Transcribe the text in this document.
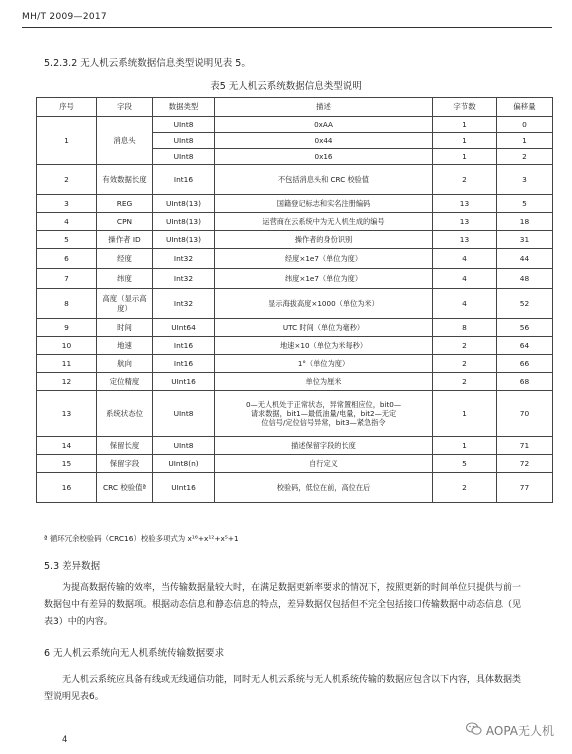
MH/T 2009—2017
5.2.3.2 无人机云系统数据信息类型说明见表 5。
表5 无人机云系统数据信息类型说明
序号	字段	数据类型	描述	字节数	偏移量
1	消息头	UInt8	0xAA	1	0
		UInt8	0x44	1	1
		UInt8	0x16	1	2
2	有效数据长度	Int16	不包括消息头和 CRC 校验值	2	3
3	REG	UInt8(13)	国籍登记标志和实名注册编码	13	5
4	CPN	UInt8(13)	运营商在云系统中为无人机生成的编号	13	18
5	操作者 ID	UInt8(13)	操作者的身份识别	13	31
6	经度	Int32	经度×1e7（单位为度）	4	44
7	纬度	Int32	纬度×1e7（单位为度）	4	48
8	高度（显示高度）	Int32	显示海拔高度×1000（单位为米）	4	52
9	时间	UInt64	UTC 时间（单位为毫秒）	8	56
10	地速	Int16	地速×10（单位为米每秒）	2	64
11	航向	Int16	1°（单位为度）	2	66
12	定位精度	UInt16	单位为厘米	2	68
13	系统状态位	UInt8	0—无人机处于正常状态，异常置相应位，bit0—
请求数据，bit1—最低油量/电量，bit2—无定
位信号/定位信号异常，bit3—紧急指令	1	70
14	保留长度	UInt8	描述保留字段的长度	1	71
15	保留字段	UInt8(n)	自行定义	5	72
16	CRC 校验值ª	UInt16	校验码，低位在前，高位在后	2	77
ª 循环冗余校验码（CRC16）校验多项式为 x¹⁶+x¹²+x⁵+1
5.3 差异数据
为提高数据传输的效率，当传输数据量较大时，在满足数据更新率要求的情况下，按照更新的时间单位只提供与前一数据包中有差异的数据项。根据动态信息和静态信息的特点，差异数据仅包括但不完全包括接口传输数据中动态信息（见表3）中的内容。
6 无人机云系统向无人机系统传输数据要求
无人机云系统应具备有线或无线通信功能，同时无人机云系统与无人机系统传输的数据应包含以下内容，具体数据类型说明见表6。
4
AOPA无人机
